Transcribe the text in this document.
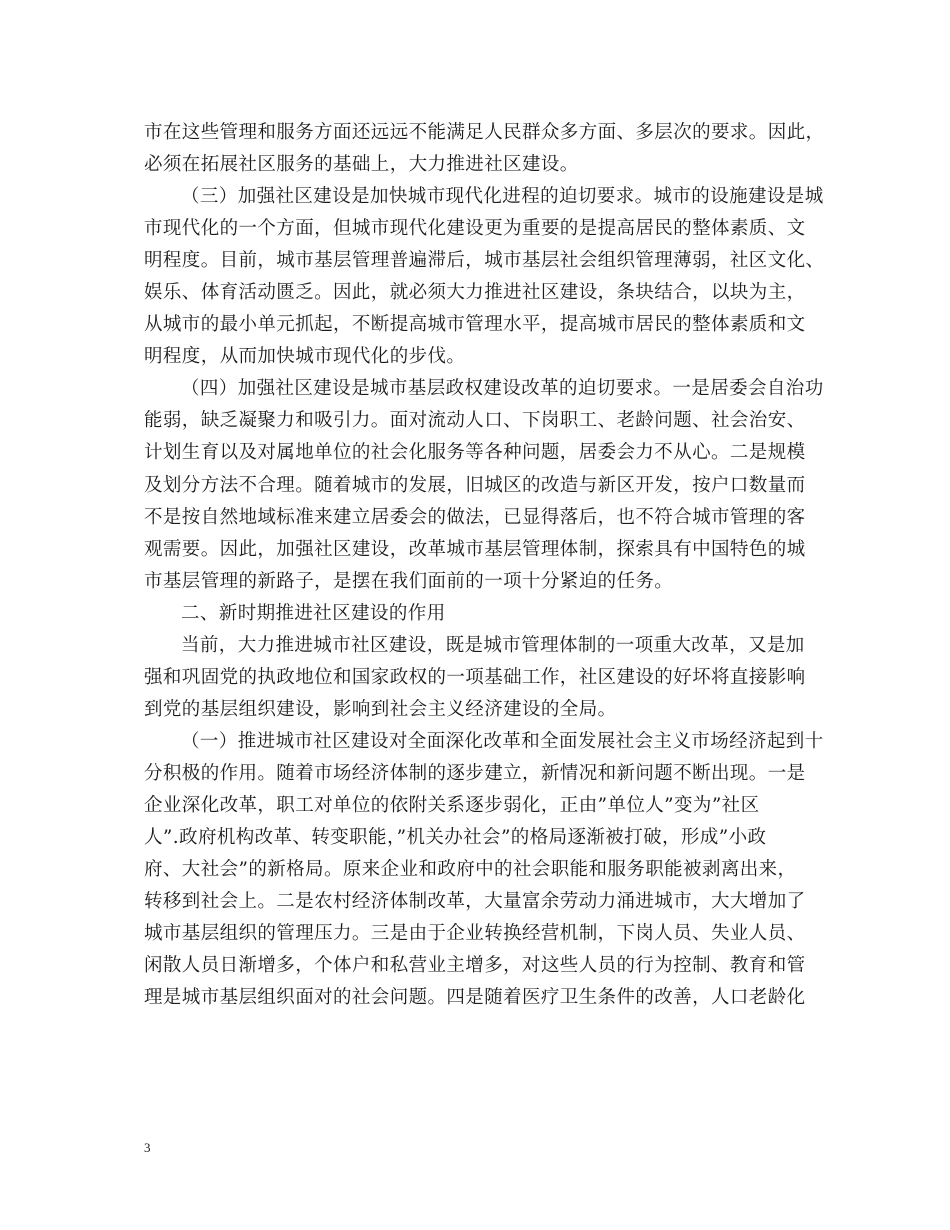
市在这些管理和服务方面还远远不能满足人民群众多方面、多层次的要求。因此，
必须在拓展社区服务的基础上，大力推进社区建设。
（三）加强社区建设是加快城市现代化进程的迫切要求。城市的设施建设是城
市现代化的一个方面，但城市现代化建设更为重要的是提高居民的整体素质、文
明程度。目前，城市基层管理普遍滞后，城市基层社会组织管理薄弱，社区文化、
娱乐、体育活动匮乏。因此，就必须大力推进社区建设，条块结合，以块为主，
从城市的最小单元抓起，不断提高城市管理水平，提高城市居民的整体素质和文
明程度，从而加快城市现代化的步伐。
（四）加强社区建设是城市基层政权建设改革的迫切要求。一是居委会自治功
能弱，缺乏凝聚力和吸引力。面对流动人口、下岗职工、老龄问题、社会治安、
计划生育以及对属地单位的社会化服务等各种问题，居委会力不从心。二是规模
及划分方法不合理。随着城市的发展，旧城区的改造与新区开发，按户口数量而
不是按自然地域标准来建立居委会的做法，已显得落后，也不符合城市管理的客
观需要。因此，加强社区建设，改革城市基层管理体制，探索具有中国特色的城
市基层管理的新路子，是摆在我们面前的一项十分紧迫的任务。
二、新时期推进社区建设的作用
当前，大力推进城市社区建设，既是城市管理体制的一项重大改革，又是加
强和巩固党的执政地位和国家政权的一项基础工作，社区建设的好坏将直接影响
到党的基层组织建设，影响到社会主义经济建设的全局。
（一）推进城市社区建设对全面深化改革和全面发展社会主义市场经济起到十
分积极的作用。随着市场经济体制的逐步建立，新情况和新问题不断出现。一是
企业深化改革，职工对单位的依附关系逐步弱化，正由”单位人”变为”社区
人”.政府机构改革、转变职能，”机关办社会”的格局逐渐被打破，形成”小政
府、大社会”的新格局。原来企业和政府中的社会职能和服务职能被剥离出来，
转移到社会上。二是农村经济体制改革，大量富余劳动力涌进城市，大大增加了
城市基层组织的管理压力。三是由于企业转换经营机制，下岗人员、失业人员、
闲散人员日渐增多，个体户和私营业主增多，对这些人员的行为控制、教育和管
理是城市基层组织面对的社会问题。四是随着医疗卫生条件的改善，人口老龄化
3
